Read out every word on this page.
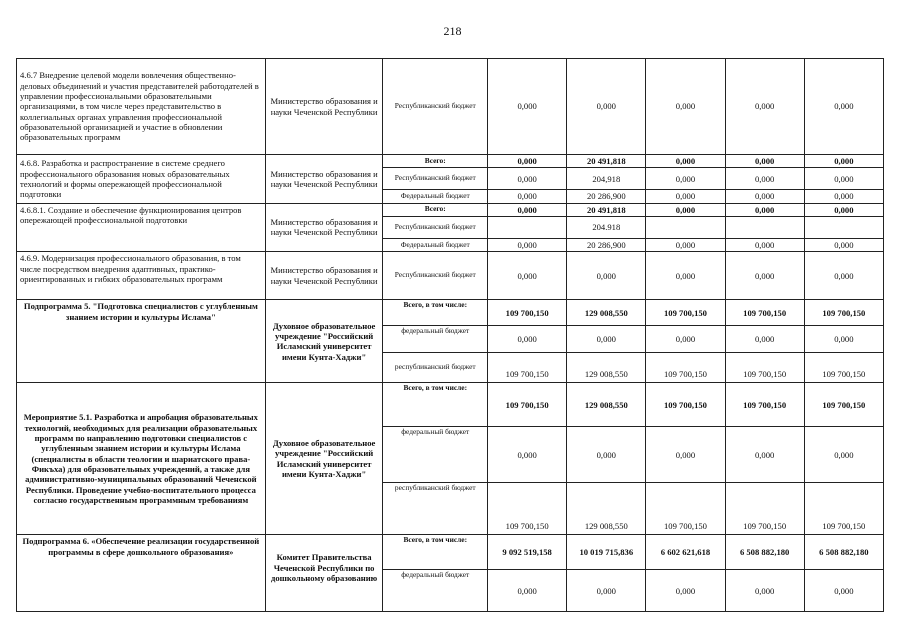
218
4.6.7 Внедрение целевой модели вовлечения общественно-деловых объединений и участия представителей работодателей в управлении профессиональными образовательными организациями, в том числе через представительство в коллегиальных органах управления профессиональной образовательной организацией и участие в обновлении образовательных программ	Министерство образования и науки Чеченской Республики	Республиканский бюджет	0,000	0,000	0,000	0,000	0,000
4.6.8. Разработка и распространение в системе среднего профессионального образования новых образовательных технологий и формы опережающей профессиональной подготовки	Министерство образования и науки Чеченской Республики	Всего:	0,000	20 491,818	0,000	0,000	0,000
		Республиканский бюджет	0,000	204,918	0,000	0,000	0,000
		Федеральный бюджет	0,000	20 286,900	0,000	0,000	0,000
4.6.8.1. Создание и обеспечение функционирования центров опережающей профессиональной подготовки	Министерство образования и науки Чеченской Республики	Всего:	0,000	20 491,818	0,000	0,000	0,000
		Республиканский бюджет		204.918			
		Федеральный бюджет	0,000	20 286,900	0,000	0,000	0,000
4.6.9. Модернизация профессионального образования, в том числе посредством внедрения адаптивных, практико-ориентированных и гибких образовательных программ	Министерство образования и науки Чеченской Республики	Республиканский бюджет	0,000	0,000	0,000	0,000	0,000
Подпрограмма 5. "Подготовка специалистов с углубленным знанием истории и культуры Ислама"	Духовное образовательное учреждение "Российский Исламский университет имени Кунта-Хаджи"	Всего, в том числе:	109 700,150	129 008,550	109 700,150	109 700,150	109 700,150
		федеральный бюджет	0,000	0,000	0,000	0,000	0,000
		республиканский бюджет	109 700,150	129 008,550	109 700,150	109 700,150	109 700,150
Мероприятие 5.1. Разработка и апробация образовательных технологий, необходимых для реализации образовательных программ по направлению подготовки специалистов с углубленным знанием истории и культуры Ислама (специалисты в области теологии и шариатского права-Фикъха) для образовательных учреждений, а также для административно-муниципальных образований Чеченской Республики. Проведение учебно-воспитательного процесса согласно государственным программным требованиям	Духовное образовательное учреждение "Российский Исламский университет имени Кунта-Хаджи"	Всего, в том числе:	109 700,150	129 008,550	109 700,150	109 700,150	109 700,150
		федеральный бюджет	0,000	0,000	0,000	0,000	0,000
		республиканский бюджет	109 700,150	129 008,550	109 700,150	109 700,150	109 700,150
Подпрограмма 6. «Обеспечение реализации государственной программы в сфере дошкольного образования»	Комитет Правительства Чеченской Республики по дошкольному образованию	Всего, в том числе:	9 092 519,158	10 019 715,836	6 602 621,618	6 508 882,180	6 508 882,180
		федеральный бюджет	0,000	0,000	0,000	0,000	0,000
